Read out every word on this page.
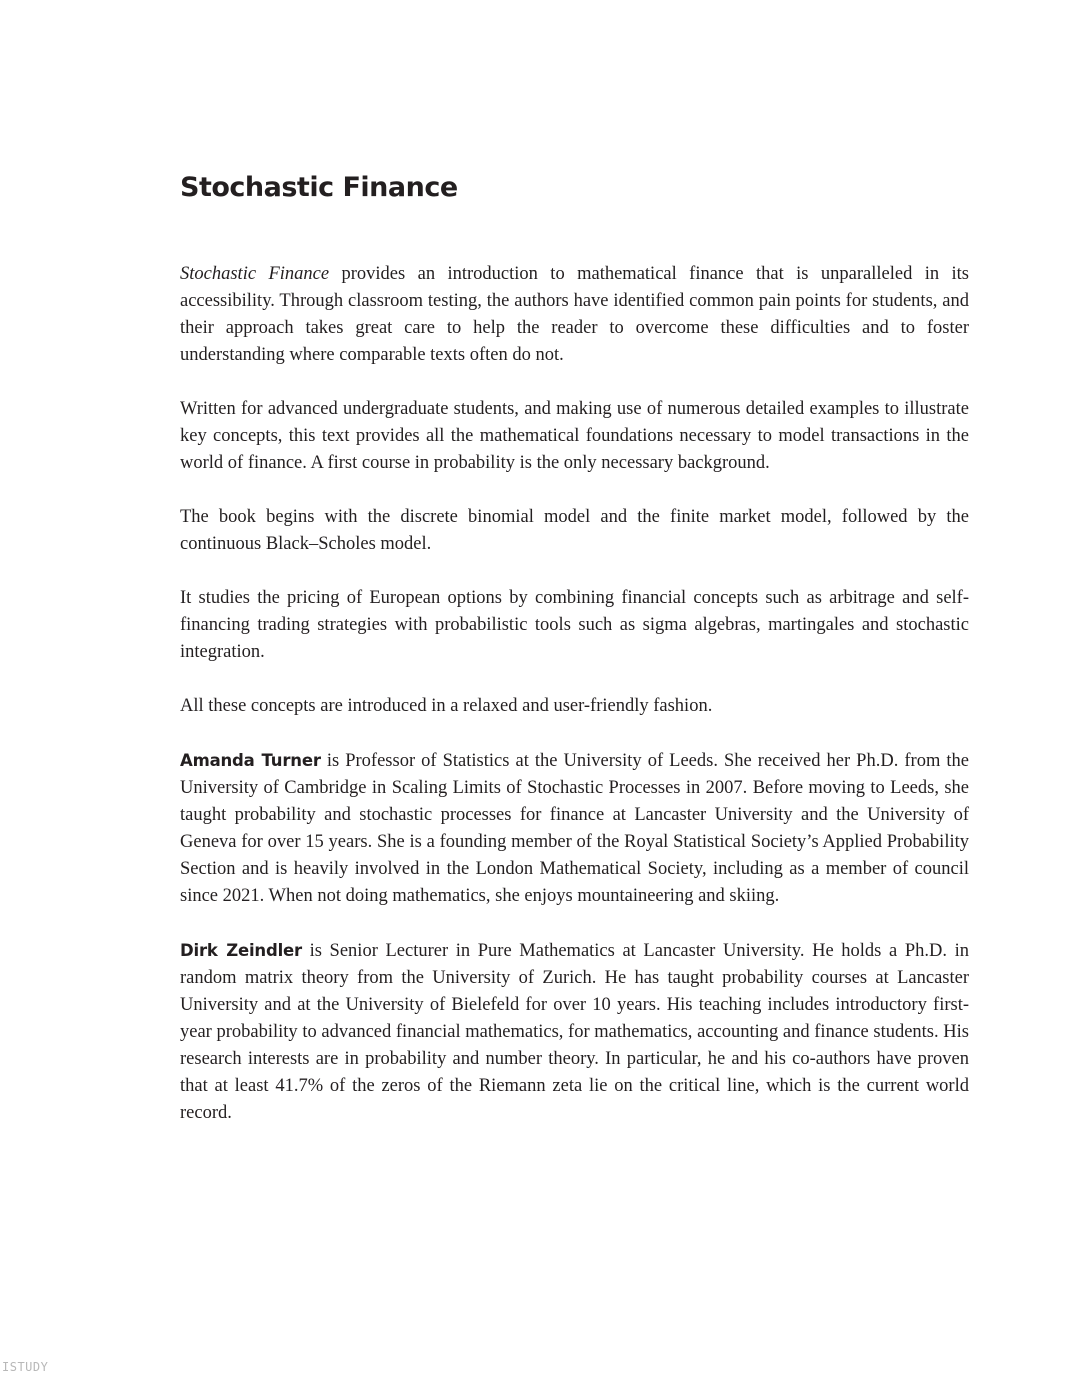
Stochastic Finance

Stochastic Finance provides an introduction to mathematical finance that is unparalleled in its accessibility. Through classroom testing, the authors have identified common pain points for students, and their approach takes great care to help the reader to overcome these difficulties and to foster understanding where comparable texts often do not.

Written for advanced undergraduate students, and making use of numerous detailed examples to illustrate key concepts, this text provides all the mathematical foundations necessary to model transactions in the world of finance. A first course in probability is the only necessary background.

The book begins with the discrete binomial model and the finite market model, followed by the continuous Black–Scholes model.

It studies the pricing of European options by combining financial concepts such as arbitrage and self-financing trading strategies with probabilistic tools such as sigma algebras, martingales and stochastic integration.

All these concepts are introduced in a relaxed and user-friendly fashion.

Amanda Turner is Professor of Statistics at the University of Leeds. She received her Ph.D. from the University of Cambridge in Scaling Limits of Stochastic Processes in 2007. Before moving to Leeds, she taught probability and stochastic processes for finance at Lancaster University and the University of Geneva for over 15 years. She is a founding member of the Royal Statistical Society’s Applied Probability Section and is heavily involved in the London Mathematical Society, including as a member of council since 2021. When not doing mathematics, she enjoys mountaineering and skiing.

Dirk Zeindler is Senior Lecturer in Pure Mathematics at Lancaster University. He holds a Ph.D. in random matrix theory from the University of Zurich. He has taught probability courses at Lancaster University and at the University of Bielefeld for over 10 years. His teaching includes introductory first-year probability to advanced financial mathematics, for mathematics, accounting and finance students. His research interests are in probability and number theory. In particular, he and his co-authors have proven that at least 41.7% of the zeros of the Riemann zeta lie on the critical line, which is the current world record.

ISTUDY
